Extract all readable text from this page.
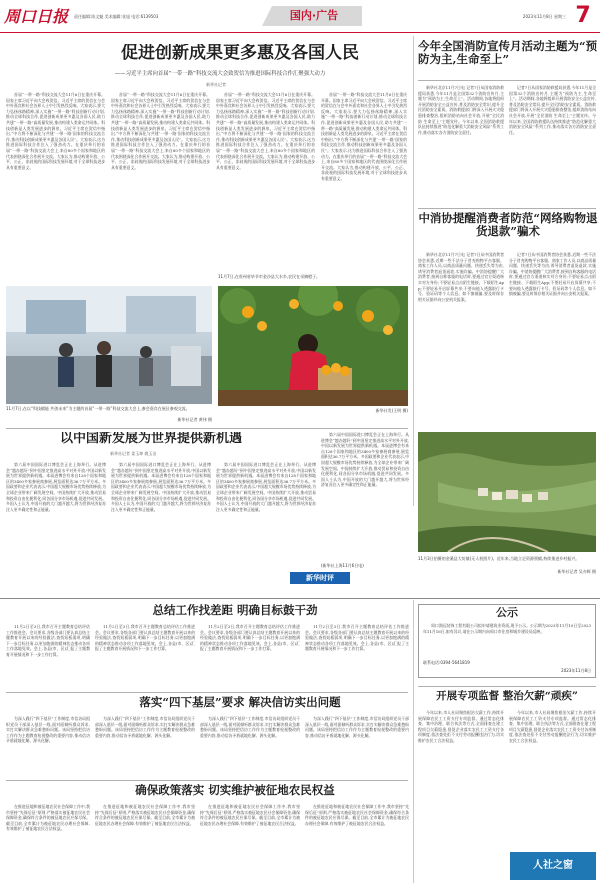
周口日报	责任编辑:陈文魁 美术编辑:张旭 电话:6139503	国内·广告	2023年11月8日 星期三 7
促进创新成果更多惠及各国人民
——习近平主席向首届“一带一路”科技交流大会致贺信为推进国际科技合作汇聚强大动力
新华社记者

首届“一带一路”科技交流大会11月6日在重庆开幕。国家主席习近平向大会致贺信。习近平主席的贺信在与会中外嘉宾和社会各界人士中引发热烈反响。大家表示,要大力弘扬丝路精神,深入实施“一带一路”科技创新行动计划,推动全球科技合作,促进创新成果更多惠及各国人民,助力共建“一带一路”高质量发展,推动构建人类命运共同体。科技创新是人类发展进步的源泉。习近平主席在贺信中指出,“中方将不断深化与共建‘一带一路’国家的科技交流合作,推动科技创新成果更多惠及各国人民”。大家表示,这为推进国际科技合作注入了强劲动力。在重庆举行的首届“一带一路”科技交流大会上,来自80多个国家和地区的代表围绕深化合作展开交流。大家认为,推动构建开放、公平、公正、非歧视的国际科技发展环境,对于全球科技进步具有重要意义。

首届“一带一路”科技交流大会11月6日在重庆开幕。国家主席习近平向大会致贺信。习近平主席的贺信在与会中外嘉宾和社会各界人士中引发热烈反响。大家表示,要大力弘扬丝路精神,深入实施“一带一路”科技创新行动计划,推动全球科技合作,促进创新成果更多惠及各国人民,助力共建“一带一路”高质量发展,推动构建人类命运共同体。科技创新是人类发展进步的源泉。习近平主席在贺信中指出,“中方将不断深化与共建‘一带一路’国家的科技交流合作,推动科技创新成果更多惠及各国人民”。大家表示,这为推进国际科技合作注入了强劲动力。在重庆举行的首届“一带一路”科技交流大会上,来自80多个国家和地区的代表围绕深化合作展开交流。大家认为,推动构建开放、公平、公正、非歧视的国际科技发展环境,对于全球科技进步具有重要意义。

首届“一带一路”科技交流大会11月6日在重庆开幕。国家主席习近平向大会致贺信。习近平主席的贺信在与会中外嘉宾和社会各界人士中引发热烈反响。大家表示,要大力弘扬丝路精神,深入实施“一带一路”科技创新行动计划,推动全球科技合作,促进创新成果更多惠及各国人民,助力共建“一带一路”高质量发展,推动构建人类命运共同体。科技创新是人类发展进步的源泉。习近平主席在贺信中指出,“中方将不断深化与共建‘一带一路’国家的科技交流合作,推动科技创新成果更多惠及各国人民”。大家表示,这为推进国际科技合作注入了强劲动力。在重庆举行的首届“一带一路”科技交流大会上,来自80多个国家和地区的代表围绕深化合作展开交流。大家认为,推动构建开放、公平、公正、非歧视的国际科技发展环境,对于全球科技进步具有重要意义。

首届“一带一路”科技交流大会11月6日在重庆开幕。国家主席习近平向大会致贺信。习近平主席的贺信在与会中外嘉宾和社会各界人士中引发热烈反响。大家表示,要大力弘扬丝路精神,深入实施“一带一路”科技创新行动计划,推动全球科技合作,促进创新成果更多惠及各国人民,助力共建“一带一路”高质量发展,推动构建人类命运共同体。科技创新是人类发展进步的源泉。习近平主席在贺信中指出,“中方将不断深化与共建‘一带一路’国家的科技交流合作,推动科技创新成果更多惠及各国人民”。大家表示,这为推进国际科技合作注入了强劲动力。在重庆举行的首届“一带一路”科技交流大会上,来自80多个国家和地区的代表围绕深化合作展开交流。大家认为,推动构建开放、公平、公正、非歧视的国际科技发展环境,对于全球科技进步具有重要意义。

11月7日,在以“科技赋能 共创未来”为主题的首届“一带一路”科技交流大会上,参会嘉宾在展区参观交流。
新华社记者 黄伟 摄
11月7日,在贵州省毕节市金沙县大水乡,农民在采摘橙子。
新华社发(王明 摄)
今年全国消防宣传月活动主题为“预防为主,生命至上”

新华社北京11月7日电 记者7日从国家消防救援局获悉,今年11月是全国第32个消防宣传月,主题为“预防为主,生命至上”。活动期间,各地将组织开展消防安全公益宣传,普及消防安全常识,提升全民消防安全素质。消防救援部门将深入开展火灾隐患排查整治,组织消防站向社会开放,开展“全民消防 生命至上”主题宣传。今年以来,全国消防救援队伍持续推进“防范化解重大消防安全风险”系列工作,推动落实各方消防安全责任。

记者7日从国家消防救援局获悉,今年11月是全国第32个消防宣传月,主题为“预防为主,生命至上”。活动期间,各地将组织开展消防安全公益宣传,普及消防安全常识,提升全民消防安全素质。消防救援部门将深入开展火灾隐患排查整治,组织消防站向社会开放,开展“全民消防 生命至上”主题宣传。今年以来,全国消防救援队伍持续推进“防范化解重大消防安全风险”系列工作,推动落实各方消防安全责任。

中消协提醒消费者防范“网络购物退货退款”骗术

新华社北京11月7日电 记者7日从中国消费者协会获悉,近期一些不法分子冒充购物平台客服、商家工作人员,以商品质量问题、快递丢失等为由,诱导消费者退货退款,实施诈骗。中消协提醒广大消费者,接到自称客服的电话时,要通过官方渠道核实对方身份;不要轻易点击陌生链接、下载陌生App;不要轻易开启屏幕共享;不要向他人透露银行卡号、验证码等个人信息。如不慎被骗,要及时保存相关证据并向公安机关报案。

记者7日从中国消费者协会获悉,近期一些不法分子冒充购物平台客服、商家工作人员,以商品质量问题、快递丢失等为由,诱导消费者退货退款,实施诈骗。中消协提醒广大消费者,接到自称客服的电话时,要通过官方渠道核实对方身份;不要轻易点击陌生链接、下载陌生App;不要轻易开启屏幕共享;不要向他人透露银行卡号、验证码等个人信息。如不慎被骗,要及时保存相关证据并向公安机关报案。

以中国新发展为世界提供新机遇
新华社记者 姜玉坤 姚玉洁

第六届中国国际进口博览会正在上海举行。从进博会“越办越好”到中国坚定推进高水平对外开放,中国以新发展为世界提供新机遇。本届进博会有来自128个国家和地区的3400多家参展商参展,展览面积达36.7万平方米。多国政要和企业代表表示,中国超大规模市场优势持续释放,为全球企业带来广阔发展空间。中国持续扩大开放,推动贸易和投资自由化便利化,同各国分享市场机遇,促进共同发展。多国人士认为,中国开放的大门越开越大,将为世界经济复苏注入更多确定性和正能量。

第六届中国国际进口博览会正在上海举行。从进博会“越办越好”到中国坚定推进高水平对外开放,中国以新发展为世界提供新机遇。本届进博会有来自128个国家和地区的3400多家参展商参展,展览面积达36.7万平方米。多国政要和企业代表表示,中国超大规模市场优势持续释放,为全球企业带来广阔发展空间。中国持续扩大开放,推动贸易和投资自由化便利化,同各国分享市场机遇,促进共同发展。多国人士认为,中国开放的大门越开越大,将为世界经济复苏注入更多确定性和正能量。

第六届中国国际进口博览会正在上海举行。从进博会“越办越好”到中国坚定推进高水平对外开放,中国以新发展为世界提供新机遇。本届进博会有来自128个国家和地区的3400多家参展商参展,展览面积达36.7万平方米。多国政要和企业代表表示,中国超大规模市场优势持续释放,为全球企业带来广阔发展空间。中国持续扩大开放,推动贸易和投资自由化便利化,同各国分享市场机遇,促进共同发展。多国人士认为,中国开放的大门越开越大,将为世界经济复苏注入更多确定性和正能量。

第六届中国国际进口博览会正在上海举行。从进博会“越办越好”到中国坚定推进高水平对外开放,中国以新发展为世界提供新机遇。本届进博会有来自128个国家和地区的3400多家参展商参展,展览面积达36.7万平方米。多国政要和企业代表表示,中国超大规模市场优势持续释放,为全球企业带来广阔发展空间。中国持续扩大开放,推动贸易和投资自由化便利化,同各国分享市场机遇,促进共同发展。多国人士认为,中国开放的大门越开越大,将为世界经济复苏注入更多确定性和正能量。

(新华社上海11月6日电)
新华时评
11月3日拍摄的金溪县大坊镇(无人机照片)。近年来,当地立足资源禀赋,持续推进乡村振兴。
新华社记者 吴亦辉 摄
总结工作找差距 明确目标鼓干劲

11月2日至3日,我市召开主题教育总结评估工作推进会。会议要求,各级各部门要认真总结主题教育开展以来的经验做法,查找短板弱项,明确下一步目标任务,以更加饱满的精神状态推动各项工作落地见效。会上,各县(市、区)汇报了主题教育开展情况和下一步工作打算。

11月2日至3日,我市召开主题教育总结评估工作推进会。会议要求,各级各部门要认真总结主题教育开展以来的经验做法,查找短板弱项,明确下一步目标任务,以更加饱满的精神状态推动各项工作落地见效。会上,各县(市、区)汇报了主题教育开展情况和下一步工作打算。

11月2日至3日,我市召开主题教育总结评估工作推进会。会议要求,各级各部门要认真总结主题教育开展以来的经验做法,查找短板弱项,明确下一步目标任务,以更加饱满的精神状态推动各项工作落地见效。会上,各县(市、区)汇报了主题教育开展情况和下一步工作打算。

11月2日至3日,我市召开主题教育总结评估工作推进会。会议要求,各级各部门要认真总结主题教育开展以来的经验做法,查找短板弱项,明确下一步目标任务,以更加饱满的精神状态推动各项工作落地见效。会上,各县(市、区)汇报了主题教育开展情况和下一步工作打算。

公示

周口润远装饰工程有限公司拟申请建筑业资质,现予公示。公示期为2023年11月10日至2023年11月16日,如有异议,请在公示期内向周口市住房和城乡建设局反映。

联系电话:0394-5641819
2023年11月8日
落实“四下基层”要求 解决信访实出问题

为深入践行“四下基层”工作制度,市信访局组织党员干部深入基层一线,面对面倾听群众诉求,实打实解决群众急难愁盼问题。该局坚持把信访工作作为主题教育检视整改的重要内容,推动信访矛盾就地化解、源头化解。

为深入践行“四下基层”工作制度,市信访局组织党员干部深入基层一线,面对面倾听群众诉求,实打实解决群众急难愁盼问题。该局坚持把信访工作作为主题教育检视整改的重要内容,推动信访矛盾就地化解、源头化解。

为深入践行“四下基层”工作制度,市信访局组织党员干部深入基层一线,面对面倾听群众诉求,实打实解决群众急难愁盼问题。该局坚持把信访工作作为主题教育检视整改的重要内容,推动信访矛盾就地化解、源头化解。

为深入践行“四下基层”工作制度,市信访局组织党员干部深入基层一线,面对面倾听群众诉求,实打实解决群众急难愁盼问题。该局坚持把信访工作作为主题教育检视整改的重要内容,推动信访矛盾就地化解、源头化解。

开展专项监督 整治欠薪“顽疾”

今年以来,市人社局聚焦根治欠薪工作,持续开展保障农民工工资支付专项监督。通过常态化排查、集中治理、联合执法等方式,全面排查在建工程项目欠薪隐患,督促企业落实农民工工资支付各项制度,依法查处拒不支付劳动报酬违法行为,切实维护农民工合法权益。

今年以来,市人社局聚焦根治欠薪工作,持续开展保障农民工工资支付专项监督。通过常态化排查、集中治理、联合执法等方式,全面排查在建工程项目欠薪隐患,督促企业落实农民工工资支付各项制度,依法查处拒不支付劳动报酬违法行为,切实维护农民工合法权益。

确保政策落实 切实维护被征地农民权益

在推进征地和被征地农民社会保障工作中,我市坚持“先保后征”原则,严格落实被征地农民社会保障资金,确保符合条件的被征地农民应保尽保。截至目前,全市累计为被征地农民办理社会保障,有效维护了被征地农民合法权益。

在推进征地和被征地农民社会保障工作中,我市坚持“先保后征”原则,严格落实被征地农民社会保障资金,确保符合条件的被征地农民应保尽保。截至目前,全市累计为被征地农民办理社会保障,有效维护了被征地农民合法权益。

在推进征地和被征地农民社会保障工作中,我市坚持“先保后征”原则,严格落实被征地农民社会保障资金,确保符合条件的被征地农民应保尽保。截至目前,全市累计为被征地农民办理社会保障,有效维护了被征地农民合法权益。

在推进征地和被征地农民社会保障工作中,我市坚持“先保后征”原则,严格落实被征地农民社会保障资金,确保符合条件的被征地农民应保尽保。截至目前,全市累计为被征地农民办理社会保障,有效维护了被征地农民合法权益。

人社之窗
